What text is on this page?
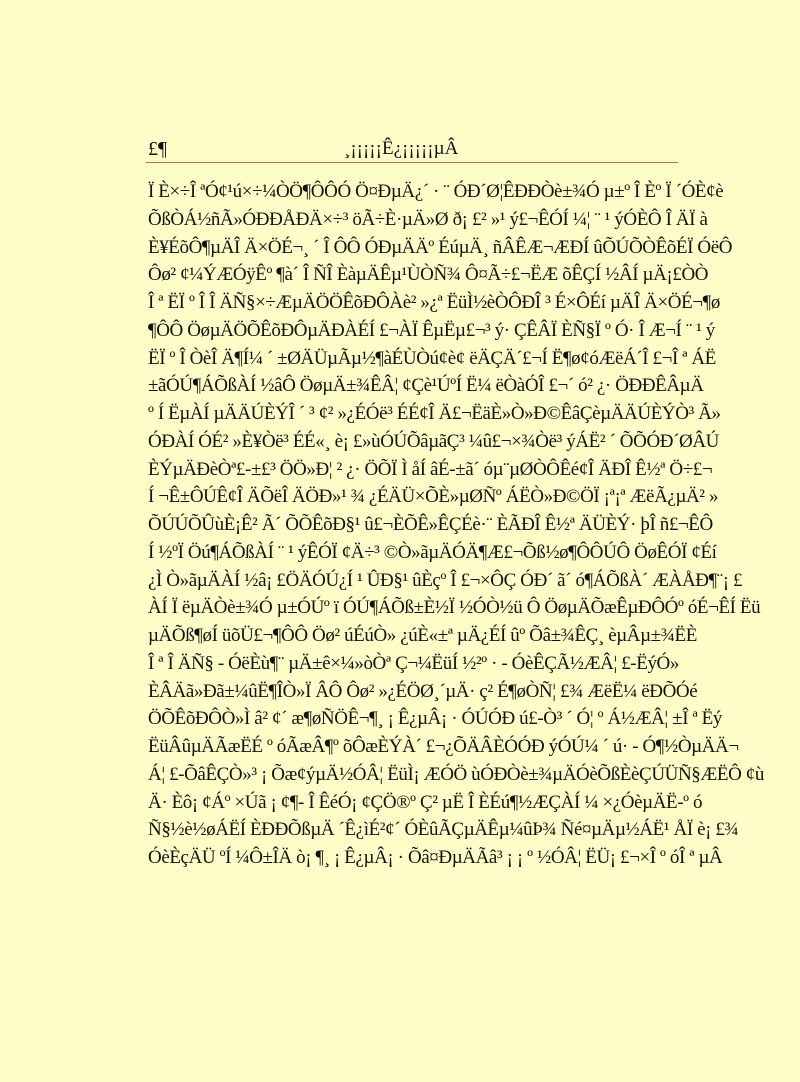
£¶	¸¡¡¡¡¡Ê¿¡¡¡¡¡µÂ
Ï È×÷Î ªÓ¢¹ú×÷¼ÒÖ¶ÔÔÓ Ö¤ÐµÄ¿´ · ¨ ÓÐ´Ø¦ÊÐÐÒè±¾Ó µ±º Î Èº Ï ´ÓÈ¢è
ÕßÒÁ½ñÃ»ÓÐÐÅÐÄ×÷³ öÃ÷È·µÄ»Ø ð¡ £² »¹ ý£¬ÊÓÍ ¼¦ ¨ ¹ ýÓÈÔ Î ÄÏ à
È¥ÉõÔ¶µÄÎ Ä×ÖÉ¬¸ ´ Î ÔÔ ÓÐµÄÄº ÉúµÄ¸ ñÂÊÆ¬ÆÐÍ ûÕÚÕÒÊõÉÏ ÓëÔ
Ôø² ¢¼ÝÆÓÿÊº ¶à´ Î ÑÎ ÈàµÄÊµ¹ÙÒÑ¾ Ô¤Ã÷£¬ËÆ õÊÇÍ ½ÂÍ µÄ¡£ÒÒ
Î ª ËÏ º Î Î ÄÑ§×÷ÆµÄÖÖÊõÐÔÀè² »¿ª ËüÌ½èÒÔÐÎ ³ É×ÔÉí µÄÎ Ä×ÖÉ¬¶ø
¶ÔÔ ÖøµÄÖÕÊõÐÔµÄÐÀÉÍ £¬ÀÏ ÊµËµ£¬³ ý· ÇÊÂÏ ÈÑ§Ï º Ó· Î Æ¬Í ¨ ¹ ý
ËÏ º Î ÒèÎ Ä¶Í¼ ´ ±ØÄÜµÃµ½¶àÉÙÒú¢è¢ ëÄÇÄ´£¬Í Ë¶ø¢óÆëÁ´Î £¬Î ª ÁË
±ãÓÚ¶ÁÕßÀÍ ½âÔ ÖøµÄ±¾ÊÂ¦ ¢Çè¹ÚºÍ Ë¼ ëÒàÓÎ £¬´ ó² ¿· ÖÐÐÊÂµÄ
º Í ËµÀÍ µÄÄÚÈÝÎ ´ ³ ¢² »¿ÉÓë³ ÉÉ¢Î Ä£¬ËäÈ»Ò»Ð©ÊâÇèµÄÄÚÈÝÒ³ Ã»
ÓÐÀÍ ÓÉ² »È¥Òë³ ÉÉ«¸ è¡ £»ùÓÚÕâµãÇ³ ¼û£¬×¾Òë³ ýÁË² ´ ÕÕÓÐ´ØÂÚ
ÈÝµÄÐèÒª£-±£³ ÖÖ»Ð¦ ² ¿· ÖÕÏ Ì åÍ âÉ-±ã´ óµ¨µØÒÔÊé¢Î ÄÐÎ Ê½ª Ö÷£¬
Í ¬Ê±ÔÚÊ¢Î ÄÕëÎ ÄÖÐ»¹ ¾ ¿ÉÄÜ×ÕÈ»µØÑº ÁËÒ»Ð©ÖÏ ¡ª¡ª ÆëÃ¿µÄ² »
ÕÚÚÕÛùÈ¡Ê² Ã´ ÕÕÊõÐ§¹ û£¬ÈÕÊ»ÊÇÉè·¨ ÈÃÐÎ Ê½ª ÄÜÈÝ· þÎ ñ£¬ÊÔ
Í ½ºÏ Öú¶ÁÕßÀÍ ¨ ¹ ýÊÓÏ ¢Ä÷³ ©Ò»ãµÄÓÄ¶Æ£¬Õß½ø¶ÔÔÚÔ ÖøÊÓÏ ¢Éí
¿Ì Ò»ãµÄÀÍ ½â¡ £ÖÄÓÚ¿Í ¹ ÛÐ§¹ ûÈçº Î £¬×ÔÇ ÓÐ´ ã´ ó¶ÁÕßÀ´ ÆÀÅÐ¶¨¡ £
ÀÍ Ï ëµÄÒè±¾Ó µ±ÓÚº ï ÓÚ¶ÁÕß±È½Ï ½ÓÒ½ü Ô ÖøµÄÕæÊµÐÔÓº óÉ¬ÊÍ Ëü
µÄÕß¶øÍ üõÜ£¬¶ÔÔ Öø² úÉúÒ» ¿úÈ«±ª µÄ¿ÉÍ ûº Õâ±¾ÊÇ¸ èµÂµ±¾ËÈ
Î ª Î ÄÑ§ - ÓëÈù¶¨ µÄ±ê×¼»òÒª Ç¬¼ËüÍ ½²º · - ÓèÊÇÃ½ÆÂ¦ £-ËýÓ»
ÈÂÄã»Ðã±¼ûË¶ÎÒ»Ï ÂÔ Ôø² »¿ÉÖØ¸´µÄ· ç² É¶øÒÑ¦ £¾ ÆëË¼ ëÐÕÓé
ÖÕÊõÐÔÒ»Ì â² ¢´ æ¶øÑÖÊ¬¶¸ ¡ Ê¿µÂ¡ · ÓÚÓÐ ú£-Ò³ ´ Ó¦ º Á½ÆÂ¦ ±Î ª Ëý
ËüÂûµÄÃæËÉ º óÃæÂ¶º õÔæÈÝÀ´ £¬¿ÕÄÂÈÓÓÐ ýÓÚ¼ ´ ú· - Ó¶½ÒµÄÄ¬
Á¦ £-ÕâÊÇÒ»³ ¡ Õæ¢ýµÄ½ÓÂ¦ ËüÌ¡ ÆÓÖ ùÓÐÒè±¾µÄÓèÕßÈèÇÚÜÑ§ÆËÔ ¢ù
Ä· Èô¡ ¢Áº ×Úã ¡ ¢¶- Î ÊéÓ¡ ¢ÇÖ®º Ç² µË Î ÈÉú¶½ÆÇÀÍ ¼ ×¿ÓèµÄË-º ó
Ñ§½è½øÁËÍ ÈÐÐÕßµÄ ´Ê¿ìÉ²¢´ ÓÈûÃÇµÄÊµ¼ûÞ¾ Ñé¤µÄµ½ÁË¹ ÅÏ è¡ £¾
ÓèÈçÄÜ ºÍ ¼Ô±ÎÄ ò¡ ¶¸ ¡ Ê¿µÂ¡ · Õâ¤ÐµÄÃâ³ ¡ ¡ º ½ÓÂ¦ ËÜ¡ £¬×Î º óÎ ª µÂ
